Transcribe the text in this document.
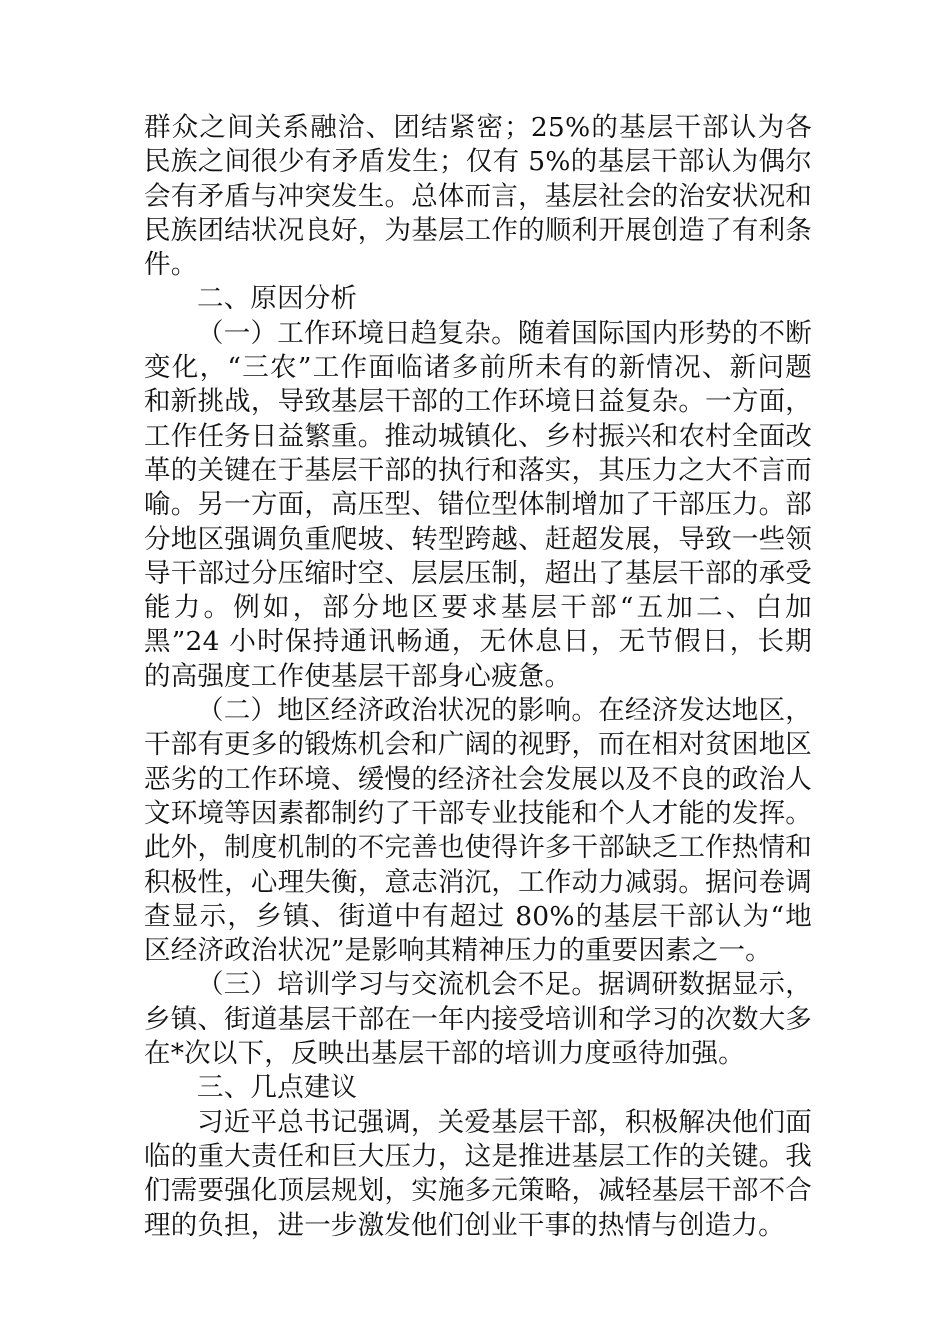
群众之间关系融洽、团结紧密；25%的基层干部认为各民族之间很少有矛盾发生；仅有 5%的基层干部认为偶尔会有矛盾与冲突发生。总体而言，基层社会的治安状况和民族团结状况良好，为基层工作的顺利开展创造了有利条件。

二、原因分析

（一）工作环境日趋复杂。随着国际国内形势的不断变化，“三农”工作面临诸多前所未有的新情况、新问题和新挑战，导致基层干部的工作环境日益复杂。一方面，工作任务日益繁重。推动城镇化、乡村振兴和农村全面改革的关键在于基层干部的执行和落实，其压力之大不言而喻。另一方面，高压型、错位型体制增加了干部压力。部分地区强调负重爬坡、转型跨越、赶超发展，导致一些领导干部过分压缩时空、层层压制，超出了基层干部的承受能力。例如，部分地区要求基层干部“五加二、白加黑”24 小时保持通讯畅通，无休息日，无节假日，长期的高强度工作使基层干部身心疲惫。

（二）地区经济政治状况的影响。在经济发达地区，干部有更多的锻炼机会和广阔的视野，而在相对贫困地区恶劣的工作环境、缓慢的经济社会发展以及不良的政治人文环境等因素都制约了干部专业技能和个人才能的发挥。此外，制度机制的不完善也使得许多干部缺乏工作热情和积极性，心理失衡，意志消沉，工作动力减弱。据问卷调查显示，乡镇、街道中有超过 80%的基层干部认为“地区经济政治状况”是影响其精神压力的重要因素之一。

（三）培训学习与交流机会不足。据调研数据显示，乡镇、街道基层干部在一年内接受培训和学习的次数大多在*次以下，反映出基层干部的培训力度亟待加强。

三、几点建议

习近平总书记强调，关爱基层干部，积极解决他们面临的重大责任和巨大压力，这是推进基层工作的关键。我们需要强化顶层规划，实施多元策略，减轻基层干部不合理的负担，进一步激发他们创业干事的热情与创造力。
